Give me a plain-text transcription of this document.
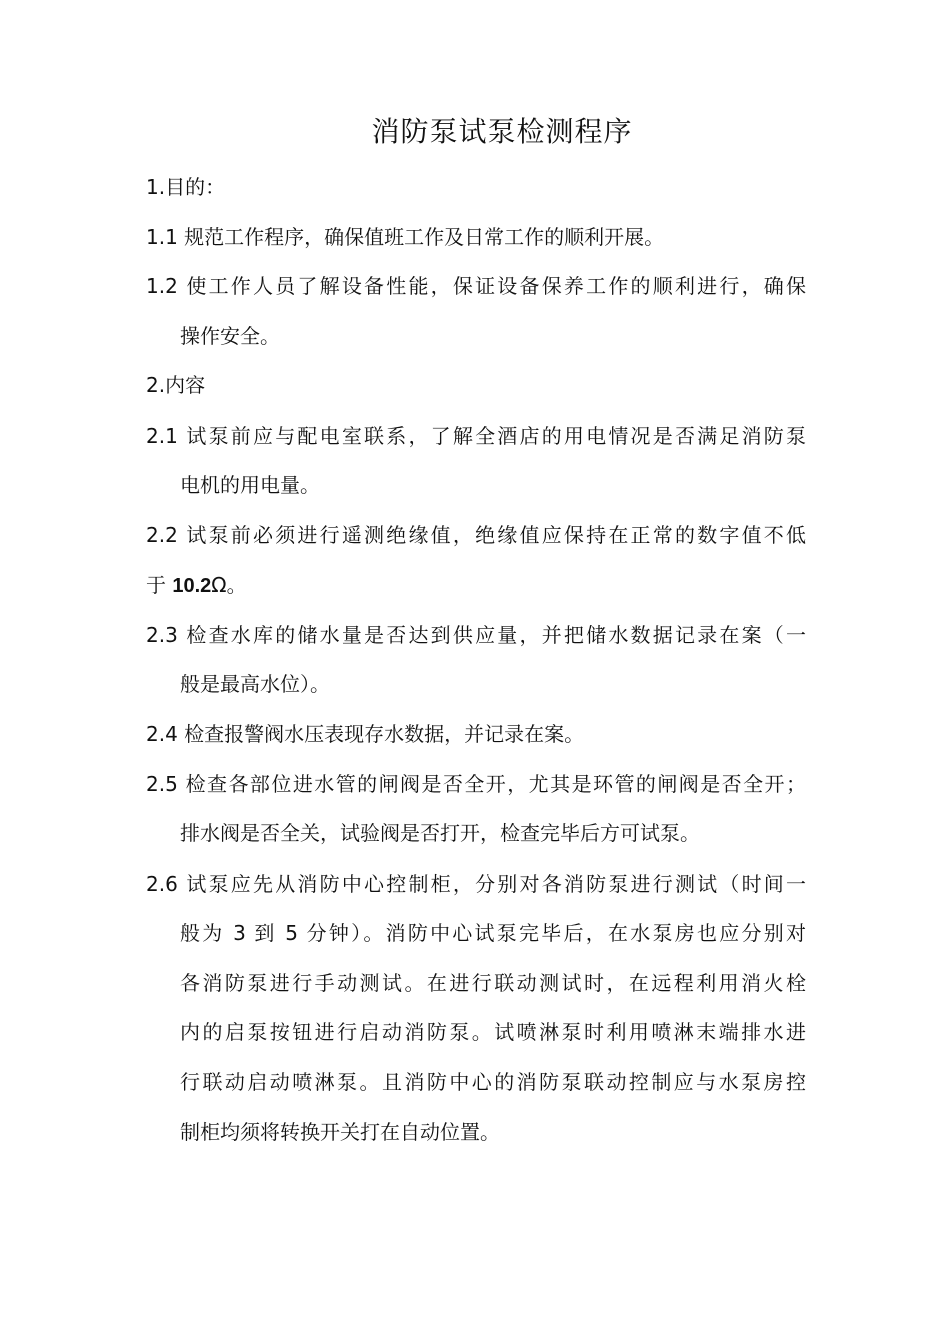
消防泵试泵检测程序
1.目的：
1.1 规范工作程序，确保值班工作及日常工作的顺利开展。
1.2 使工作人员了解设备性能，保证设备保养工作的顺利进行，确保
操作安全。
2.内容
2.1 试泵前应与配电室联系，了解全酒店的用电情况是否满足消防泵
电机的用电量。
2.2 试泵前必须进行遥测绝缘值，绝缘值应保持在正常的数字值不低
于 10.2Ω。
2.3 检查水库的储水量是否达到供应量，并把储水数据记录在案（一
般是最高水位）。
2.4 检查报警阀水压表现存水数据，并记录在案。
2.5 检查各部位进水管的闸阀是否全开，尤其是环管的闸阀是否全开；
排水阀是否全关，试验阀是否打开，检查完毕后方可试泵。
2.6 试泵应先从消防中心控制柜，分别对各消防泵进行测试（时间一
般为 3 到 5 分钟）。消防中心试泵完毕后，在水泵房也应分别对
各消防泵进行手动测试。在进行联动测试时，在远程利用消火栓
内的启泵按钮进行启动消防泵。试喷淋泵时利用喷淋末端排水进
行联动启动喷淋泵。且消防中心的消防泵联动控制应与水泵房控
制柜均须将转换开关打在自动位置。
